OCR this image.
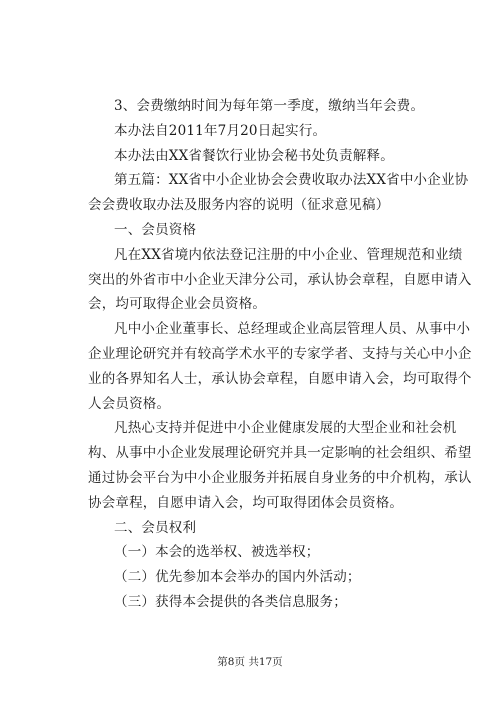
3、会费缴纳时间为每年第一季度，缴纳当年会费。
本办法自2011年7月20日起实行。
本办法由XX省餐饮行业协会秘书处负责解释。
第五篇：XX省中小企业协会会费收取办法XX省中小企业协
会会费收取办法及服务内容的说明（征求意见稿）
一、会员资格
凡在XX省境内依法登记注册的中小企业、管理规范和业绩
突出的外省市中小企业天津分公司，承认协会章程，自愿申请入
会，均可取得企业会员资格。
凡中小企业董事长、总经理或企业高层管理人员、从事中小
企业理论研究并有较高学术水平的专家学者、支持与关心中小企
业的各界知名人士，承认协会章程，自愿申请入会，均可取得个
人会员资格。
凡热心支持并促进中小企业健康发展的大型企业和社会机
构、从事中小企业发展理论研究并具一定影响的社会组织、希望
通过协会平台为中小企业服务并拓展自身业务的中介机构，承认
协会章程，自愿申请入会，均可取得团体会员资格。
二、会员权利
（一）本会的选举权、被选举权；
（二）优先参加本会举办的国内外活动；
（三）获得本会提供的各类信息服务；
第8页 共17页
